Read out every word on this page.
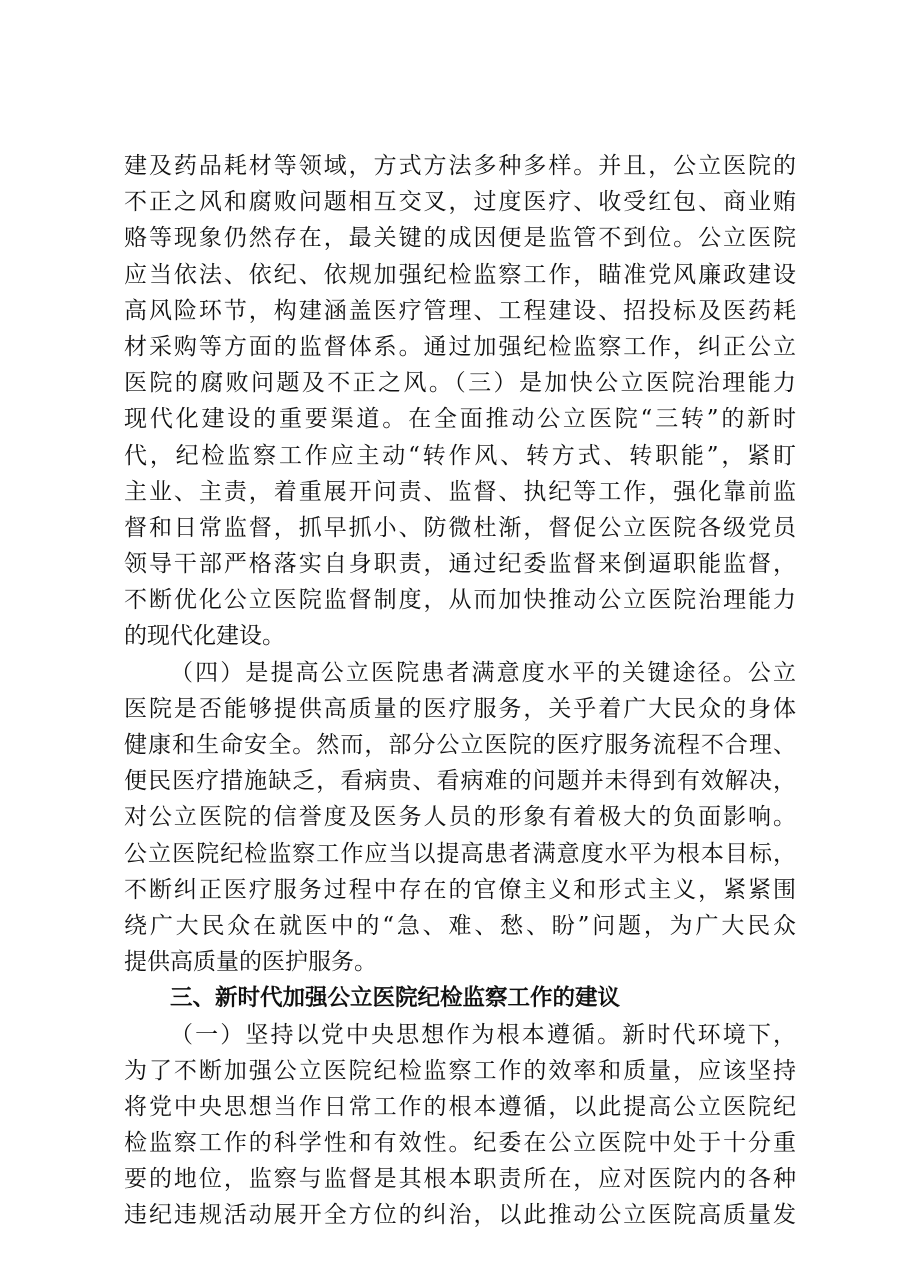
建及药品耗材等领域，方式方法多种多样。并且，公立医院的
不正之风和腐败问题相互交叉，过度医疗、收受红包、商业贿
赂等现象仍然存在，最关键的成因便是监管不到位。公立医院
应当依法、依纪、依规加强纪检监察工作，瞄准党风廉政建设
高风险环节，构建涵盖医疗管理、工程建设、招投标及医药耗
材采购等方面的监督体系。通过加强纪检监察工作，纠正公立
医院的腐败问题及不正之风。（三）是加快公立医院治理能力
现代化建设的重要渠道。在全面推动公立医院“三转”的新时
代，纪检监察工作应主动“转作风、转方式、转职能”，紧盯
主业、主责，着重展开问责、监督、执纪等工作，强化靠前监
督和日常监督，抓早抓小、防微杜渐，督促公立医院各级党员
领导干部严格落实自身职责，通过纪委监督来倒逼职能监督，
不断优化公立医院监督制度，从而加快推动公立医院治理能力
的现代化建设。
（四）是提高公立医院患者满意度水平的关键途径。公立
医院是否能够提供高质量的医疗服务，关乎着广大民众的身体
健康和生命安全。然而，部分公立医院的医疗服务流程不合理、
便民医疗措施缺乏，看病贵、看病难的问题并未得到有效解决，
对公立医院的信誉度及医务人员的形象有着极大的负面影响。
公立医院纪检监察工作应当以提高患者满意度水平为根本目标，
不断纠正医疗服务过程中存在的官僚主义和形式主义，紧紧围
绕广大民众在就医中的“急、难、愁、盼”问题，为广大民众
提供高质量的医护服务。
三、新时代加强公立医院纪检监察工作的建议
（一）坚持以党中央思想作为根本遵循。新时代环境下，
为了不断加强公立医院纪检监察工作的效率和质量，应该坚持
将党中央思想当作日常工作的根本遵循，以此提高公立医院纪
检监察工作的科学性和有效性。纪委在公立医院中处于十分重
要的地位，监察与监督是其根本职责所在，应对医院内的各种
违纪违规活动展开全方位的纠治，以此推动公立医院高质量发
